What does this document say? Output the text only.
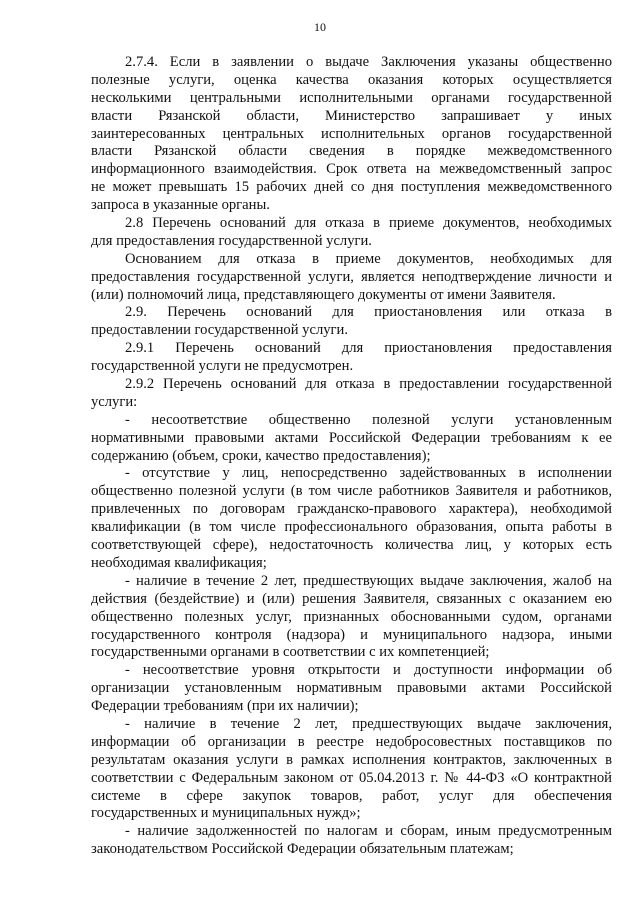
10
2.7.4. Если в заявлении о выдаче Заключения указаны общественно
полезные услуги, оценка качества оказания которых осуществляется
несколькими центральными исполнительными органами государственной
власти Рязанской области, Министерство запрашивает у иных
заинтересованных центральных исполнительных органов государственной
власти Рязанской области сведения в порядке межведомственного
информационного взаимодействия. Срок ответа на межведомственный запрос
не может превышать 15 рабочих дней со дня поступления межведомственного
запроса в указанные органы.
2.8 Перечень оснований для отказа в приеме документов, необходимых
для предоставления государственной услуги.
Основанием для отказа в приеме документов, необходимых для
предоставления государственной услуги, является неподтверждение личности и
(или) полномочий лица, представляющего документы от имени Заявителя.
2.9. Перечень оснований для приостановления или отказа в
предоставлении государственной услуги.
2.9.1 Перечень оснований для приостановления предоставления
государственной услуги не предусмотрен.
2.9.2 Перечень оснований для отказа в предоставлении государственной
услуги:
- несоответствие общественно полезной услуги установленным
нормативными правовыми актами Российской Федерации требованиям к ее
содержанию (объем, сроки, качество предоставления);
- отсутствие у лиц, непосредственно задействованных в исполнении
общественно полезной услуги (в том числе работников Заявителя и работников,
привлеченных по договорам гражданско-правового характера), необходимой
квалификации (в том числе профессионального образования, опыта работы в
соответствующей сфере), недостаточность количества лиц, у которых есть
необходимая квалификация;
- наличие в течение 2 лет, предшествующих выдаче заключения, жалоб на
действия (бездействие) и (или) решения Заявителя, связанных с оказанием ею
общественно полезных услуг, признанных обоснованными судом, органами
государственного контроля (надзора) и муниципального надзора, иными
государственными органами в соответствии с их компетенцией;
- несоответствие уровня открытости и доступности информации об
организации установленным нормативным правовыми актами Российской
Федерации требованиям (при их наличии);
- наличие в течение 2 лет, предшествующих выдаче заключения,
информации об организации в реестре недобросовестных поставщиков по
результатам оказания услуги в рамках исполнения контрактов, заключенных в
соответствии с Федеральным законом от 05.04.2013 г. № 44-ФЗ «О контрактной
системе в сфере закупок товаров, работ, услуг для обеспечения
государственных и муниципальных нужд»;
- наличие задолженностей по налогам и сборам, иным предусмотренным
законодательством Российской Федерации обязательным платежам;
